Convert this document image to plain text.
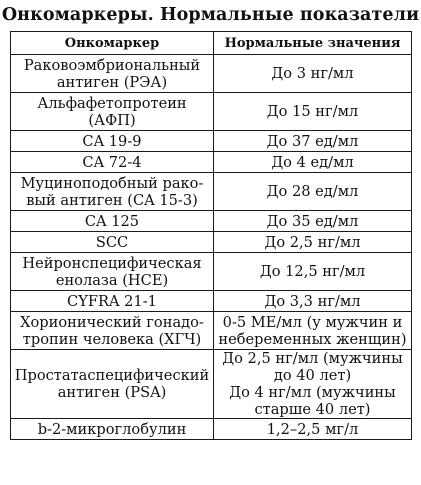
Онкомаркеры. Нормальные показатели
Онкомаркер	Нормальные значения

Раковоэмбриональный
антиген (РЭА)	До 3 нг/мл

Альфафетопротеин
(АФП)	До 15 нг/мл

CA 19-9	До 37 ед/мл

CA 72-4	До 4 ед/мл

Муциноподобный рако-
вый антиген (CA 15-3)	До 28 ед/мл

CA 125	До 35 ед/мл

SCC	До 2,5 нг/мл

Нейронспецифическая
енолаза (НСЕ)	До 12,5 нг/мл

CYFRA 21-1	До 3,3 нг/мл

Хорионический гонадо-
тропин человека (ХГЧ)	0-5 МЕ/мл (у мужчин и
небеременных женщин)

Простатаспецифический
антиген (PSA)	До 2,5 нг/мл (мужчины
до 40 лет)
До 4 нг/мл (мужчины
старше 40 лет)

b-2-микроглобулин	1,2–2,5 мг/л
